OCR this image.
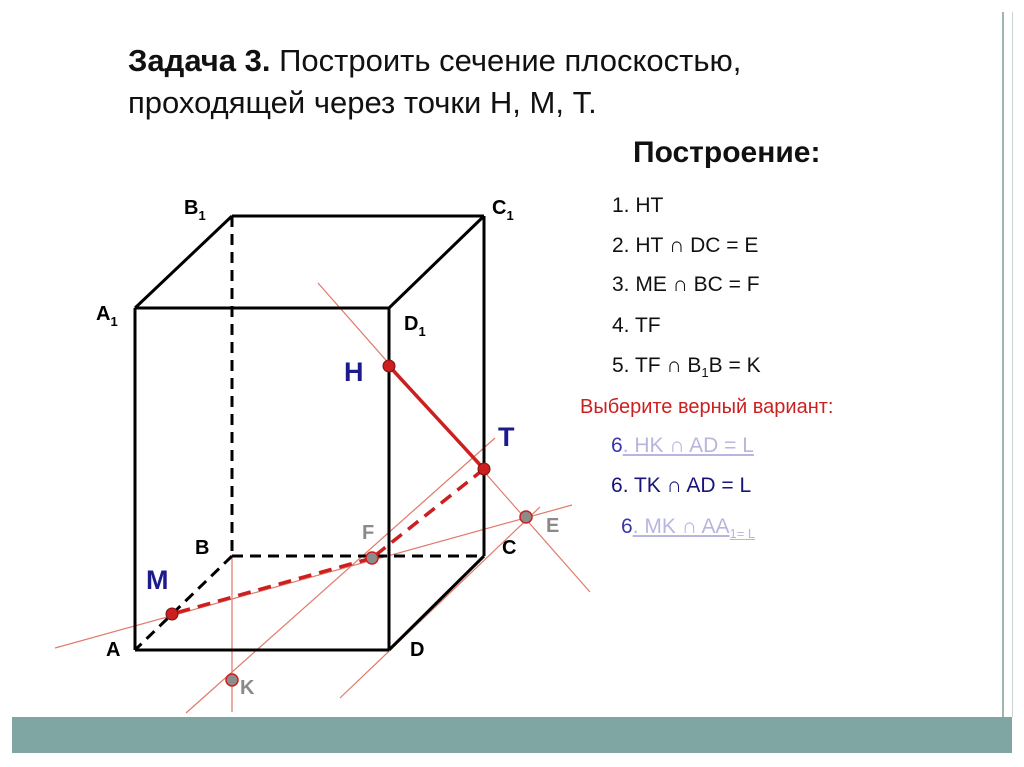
Задача 3. Построить сечение плоскостью, проходящей через точки Н, М, Т.
Построение:
1. НТ
2. НТ ∩ DC = E
3. ME ∩ BC = F
4. TF
5. TF ∩ $B_1B = K$
Выберите верный вариант:
6. НK ∩ AD = L
6. TK ∩ AD = L
6. MK ∩ $AA_{1= L}$
$B_1$	$C_1$
$A_1$	$D_1$
B	C
A	D
H
T
M
E
F
K
